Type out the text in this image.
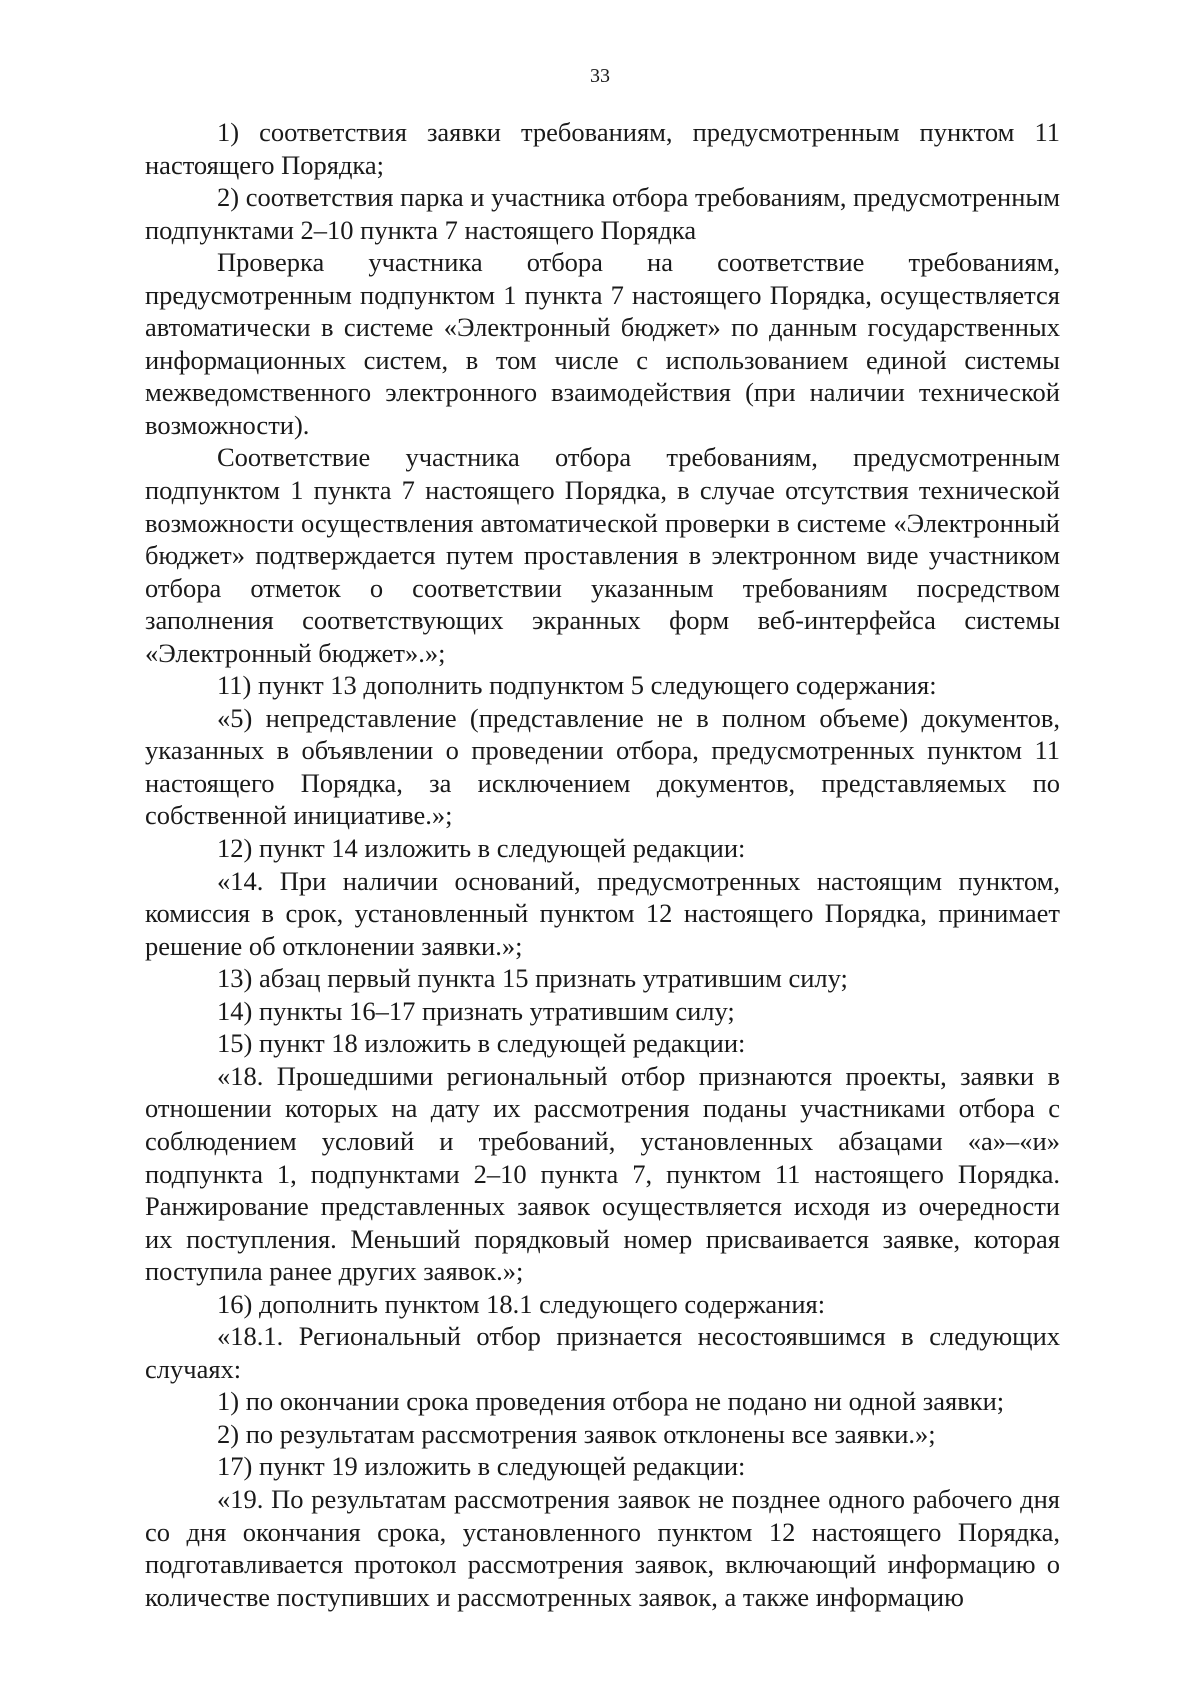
33

1) соответствия заявки требованиям, предусмотренным пунктом 11 настоящего Порядка;

2) соответствия парка и участника отбора требованиям, предусмотренным подпунктами 2–10 пункта 7 настоящего Порядка

Проверка участника отбора на соответствие требованиям, предусмотренным подпунктом 1 пункта 7 настоящего Порядка, осуществляется автоматически в системе «Электронный бюджет» по данным государственных информационных систем, в том числе с использованием единой системы межведомственного электронного взаимодействия (при наличии технической возможности).

Соответствие участника отбора требованиям, предусмотренным подпунктом 1 пункта 7 настоящего Порядка, в случае отсутствия технической возможности осуществления автоматической проверки в системе «Электронный бюджет» подтверждается путем проставления в электронном виде участником отбора отметок о соответствии указанным требованиям посредством заполнения соответствующих экранных форм веб-интерфейса системы «Электронный бюджет».»;

11) пункт 13 дополнить подпунктом 5 следующего содержания:

«5) непредставление (представление не в полном объеме) документов, указанных в объявлении о проведении отбора, предусмотренных пунктом 11 настоящего Порядка, за исключением документов, представляемых по собственной инициативе.»;

12) пункт 14 изложить в следующей редакции:

«14. При наличии оснований, предусмотренных настоящим пунктом, комиссия в срок, установленный пунктом 12 настоящего Порядка, принимает решение об отклонении заявки.»;

13) абзац первый пункта 15 признать утратившим силу;

14) пункты 16–17 признать утратившим силу;

15) пункт 18 изложить в следующей редакции:

«18. Прошедшими региональный отбор признаются проекты, заявки в отношении которых на дату их рассмотрения поданы участниками отбора с соблюдением условий и требований, установленных абзацами «а»–«и» подпункта 1, подпунктами 2–10 пункта 7, пунктом 11 настоящего Порядка. Ранжирование представленных заявок осуществляется исходя из очередности их поступления. Меньший порядковый номер присваивается заявке, которая поступила ранее других заявок.»;

16) дополнить пунктом 18.1 следующего содержания:

«18.1. Региональный отбор признается несостоявшимся в следующих случаях:

1) по окончании срока проведения отбора не подано ни одной заявки;

2) по результатам рассмотрения заявок отклонены все заявки.»;

17) пункт 19 изложить в следующей редакции:

«19. По результатам рассмотрения заявок не позднее одного рабочего дня со дня окончания срока, установленного пунктом 12 настоящего Порядка, подготавливается протокол рассмотрения заявок, включающий информацию о количестве поступивших и рассмотренных заявок, а также информацию
